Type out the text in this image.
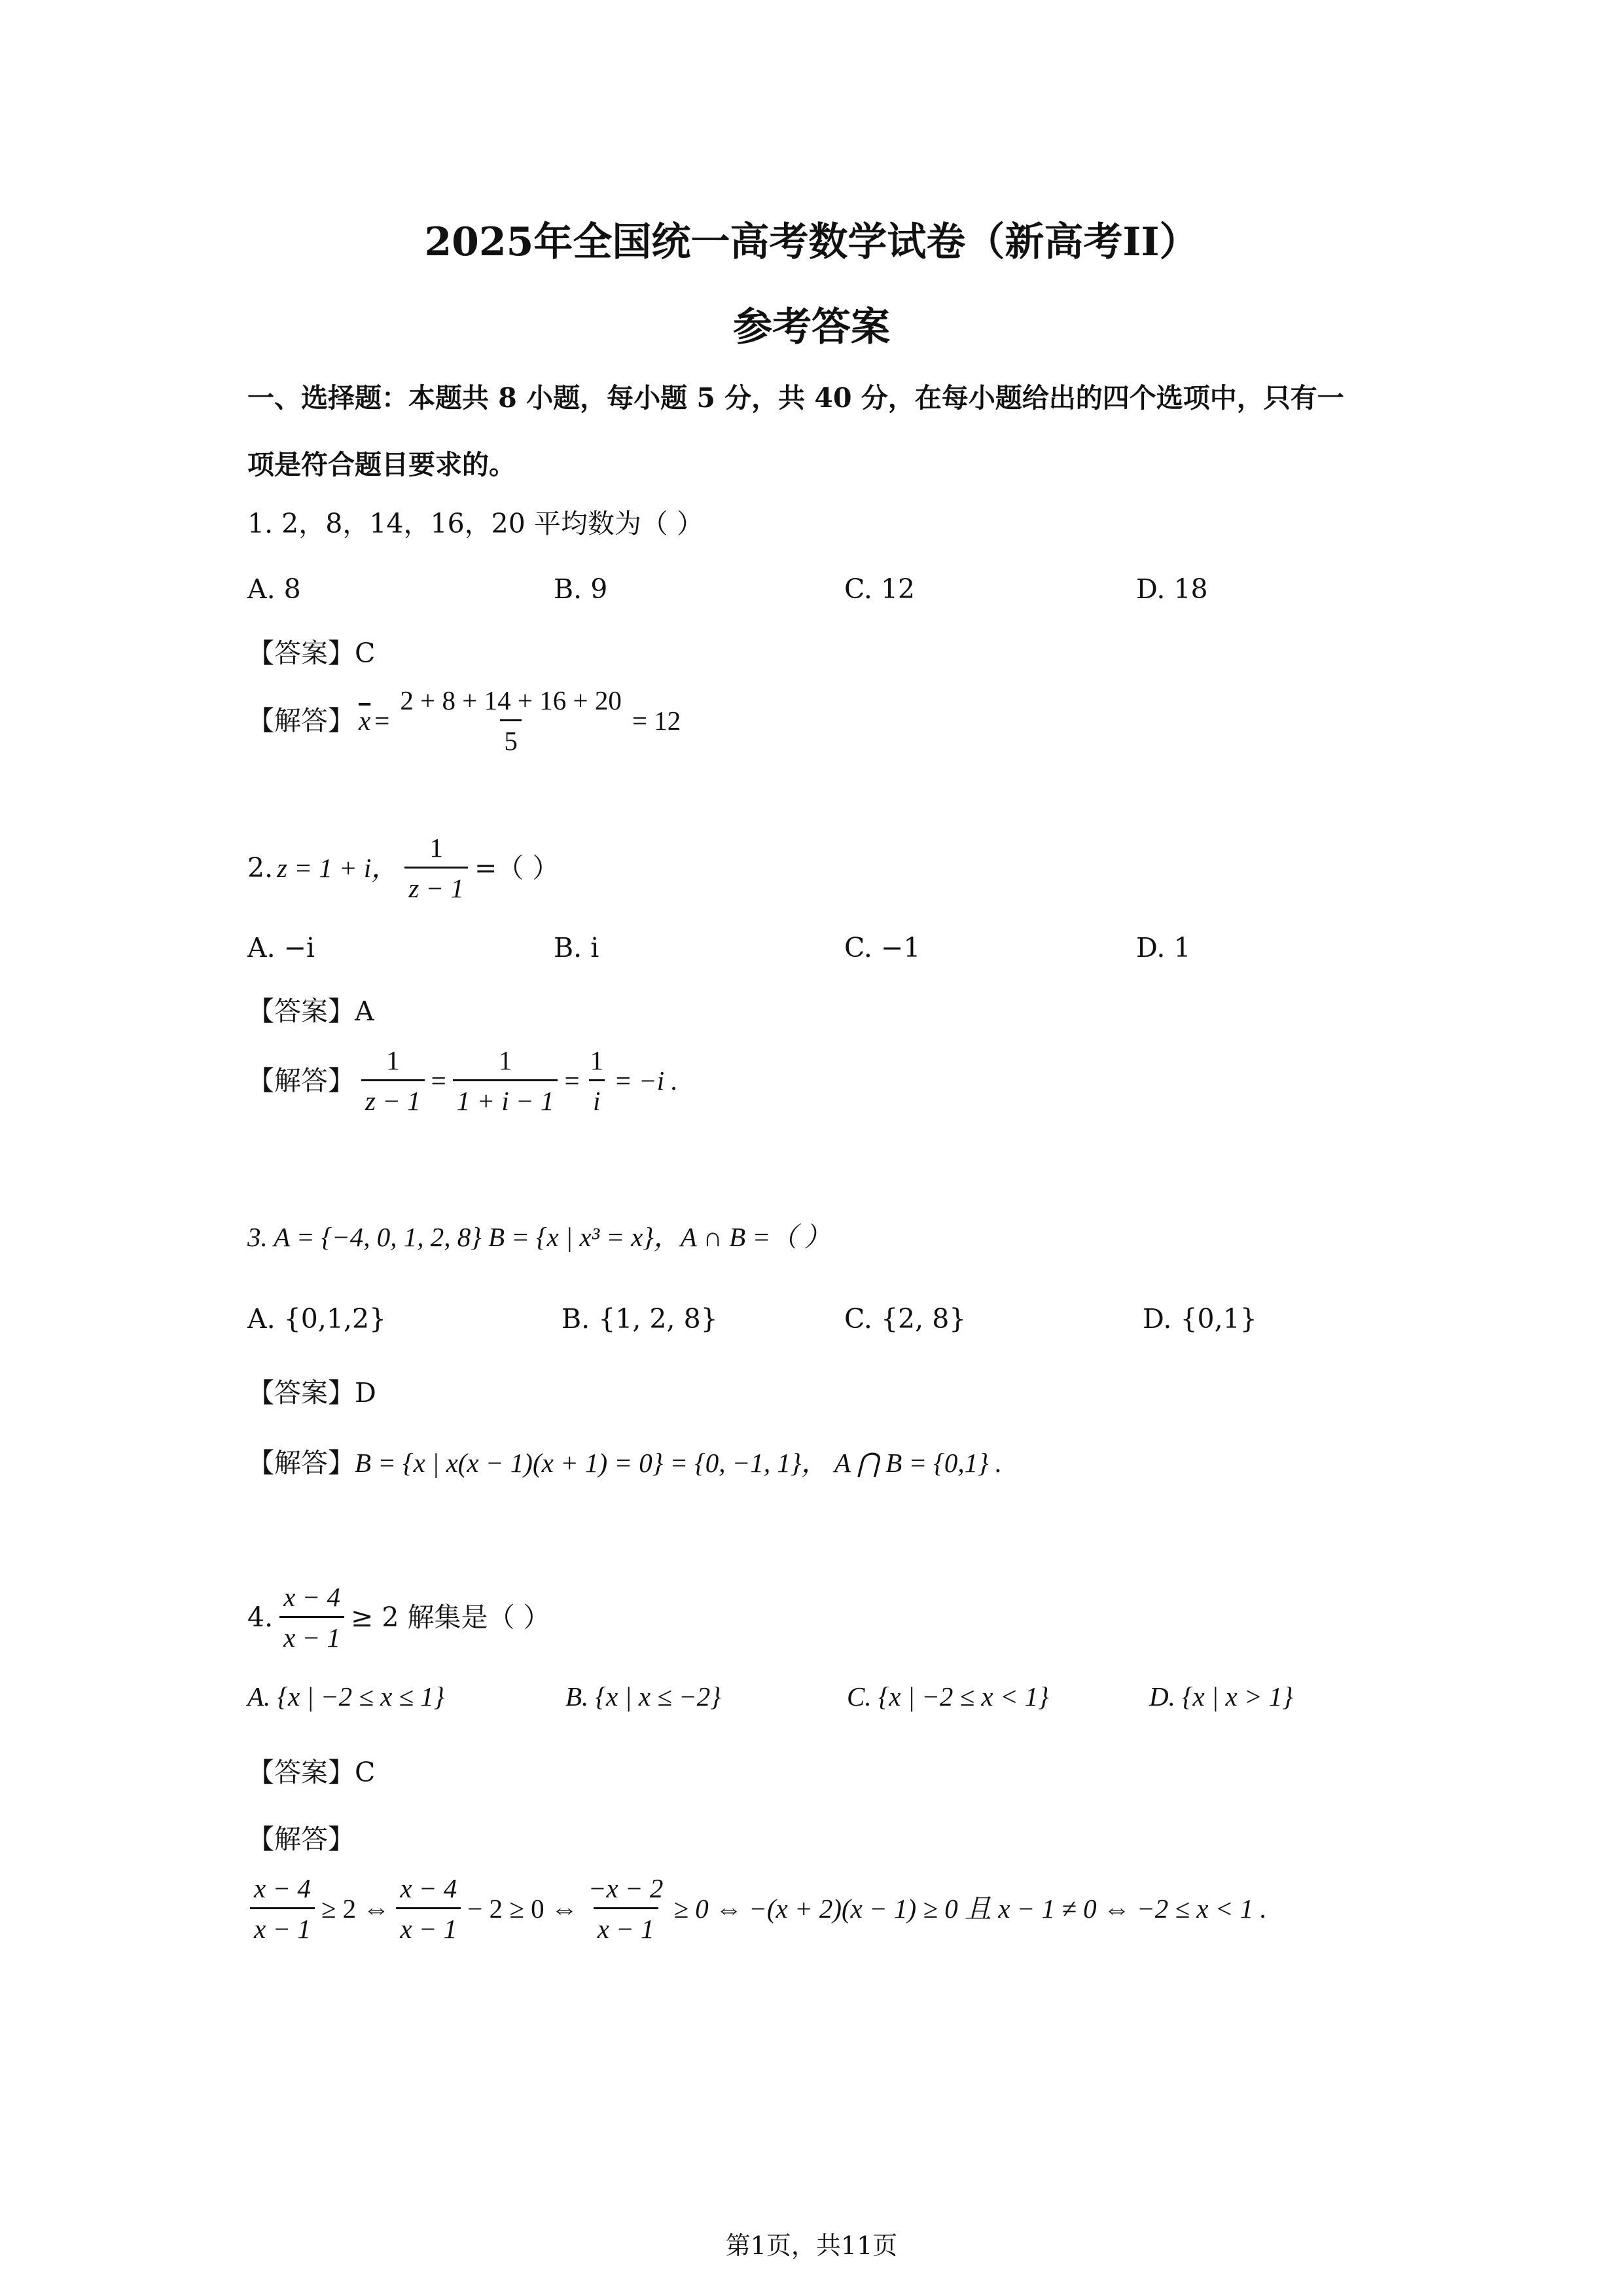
2025年全国统一高考数学试卷（新高考II）
参考答案
一、选择题：本题共 8 小题，每小题 5 分，共 40 分，在每小题给出的四个选项中，只有一
项是符合题目要求的。
1. 2，8，14，16，20 平均数为（ ）
A. 8	B. 9	C. 12	D. 18
【答案】C
【解答】 $\overline{x} = \frac{2 + 8 + 14 + 16 + 20}{5} = 12$
2. z = 1 + i， $\frac{1}{z - 1}$ =（ ）
A. −i	B. i	C. −1	D. 1
【答案】A
【解答】 $\frac{1}{z - 1} = \frac{1}{1 + i - 1} = \frac{1}{i} = -i$ .
3. A = {−4, 0, 1, 2, 8} B = {x | x³ = x}，A ∩ B =（ ）
A. {0,1,2}	B. {1, 2, 8}	C. {2, 8}	D. {0,1}
【答案】D
【解答】B = {x | x(x − 1)(x + 1) = 0} = {0, −1, 1}， A ⋂ B = {0,1} .
4. $\frac{x - 4}{x - 1} \ge 2$ 解集是（ ）
A. {x | −2 ≤ x ≤ 1}	B. {x | x ≤ −2}	C. {x | −2 ≤ x < 1}	D. {x | x > 1}
【答案】C
【解答】
$\frac{x - 4}{x - 1} \ge 2$ ⇔ $\frac{x - 4}{x - 1} - 2 \ge 0$ ⇔ $\frac{-x - 2}{x - 1} \ge 0$ ⇔ −(x + 2)(x − 1) ≥ 0 且 x − 1 ≠ 0 ⇔ −2 ≤ x < 1 .
第1页，共11页
